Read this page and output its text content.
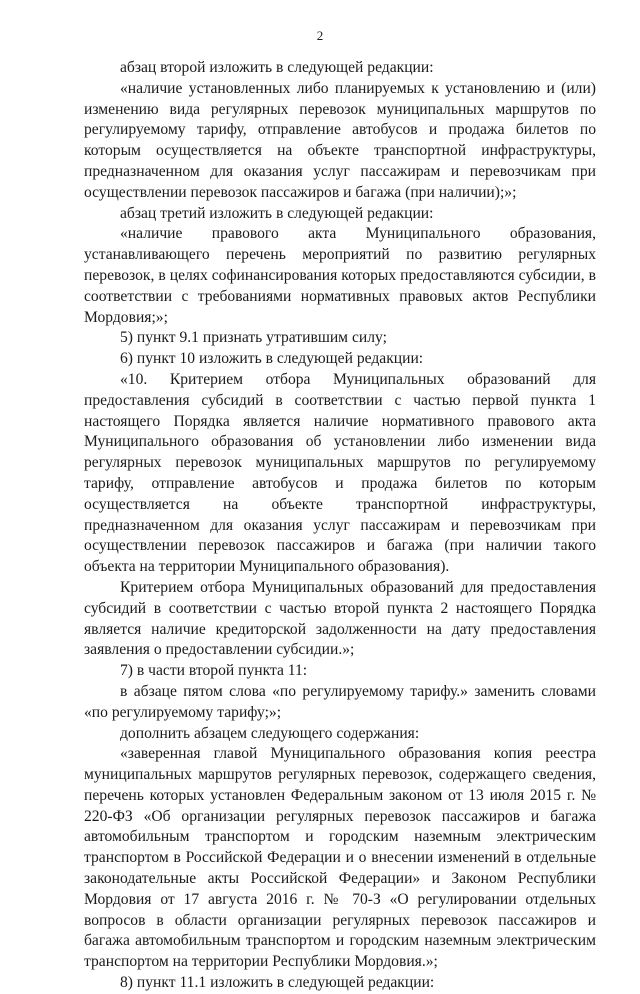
2

абзац второй изложить в следующей редакции:

«наличие установленных либо планируемых к установлению и (или) изменению вида регулярных перевозок муниципальных маршрутов по регулируемому тарифу, отправление автобусов и продажа билетов по которым осуществляется на объекте транспортной инфраструктуры, предназначенном для оказания услуг пассажирам и перевозчикам при осуществлении перевозок пассажиров и багажа (при наличии);»;

абзац третий изложить в следующей редакции:

«наличие правового акта Муниципального образования, устанавливающего перечень мероприятий по развитию регулярных перевозок, в целях софинансирования которых предоставляются субсидии, в соответствии с требованиями нормативных правовых актов Республики Мордовия;»;

5) пункт 9.1 признать утратившим силу;

6) пункт 10 изложить в следующей редакции:

«10. Критерием отбора Муниципальных образований для предоставления субсидий в соответствии с частью первой пункта 1 настоящего Порядка является наличие нормативного правового акта Муниципального образования об установлении либо изменении вида регулярных перевозок муниципальных маршрутов по регулируемому тарифу, отправление автобусов и продажа билетов по которым осуществляется на объекте транспортной инфраструктуры, предназначенном для оказания услуг пассажирам и перевозчикам при осуществлении перевозок пассажиров и багажа (при наличии такого объекта на территории Муниципального образования).

Критерием отбора Муниципальных образований для предоставления субсидий в соответствии с частью второй пункта 2 настоящего Порядка является наличие кредиторской задолженности на дату предоставления заявления о предоставлении субсидии.»;

7) в части второй пункта 11:

в абзаце пятом слова «по регулируемому тарифу.» заменить словами «по регулируемому тарифу;»;

дополнить абзацем следующего содержания:

«заверенная главой Муниципального образования копия реестра муниципальных маршрутов регулярных перевозок, содержащего сведения, перечень которых установлен Федеральным законом от 13 июля 2015 г. № 220-ФЗ «Об организации регулярных перевозок пассажиров и багажа автомобильным транспортом и городским наземным электрическим транспортом в Российской Федерации и о внесении изменений в отдельные законодательные акты Российской Федерации» и Законом Республики Мордовия от 17 августа 2016 г. № 70-З «О регулировании отдельных вопросов в области организации регулярных перевозок пассажиров и багажа автомобильным транспортом и городским наземным электрическим транспортом на территории Республики Мордовия.»;

8) пункт 11.1 изложить в следующей редакции:
